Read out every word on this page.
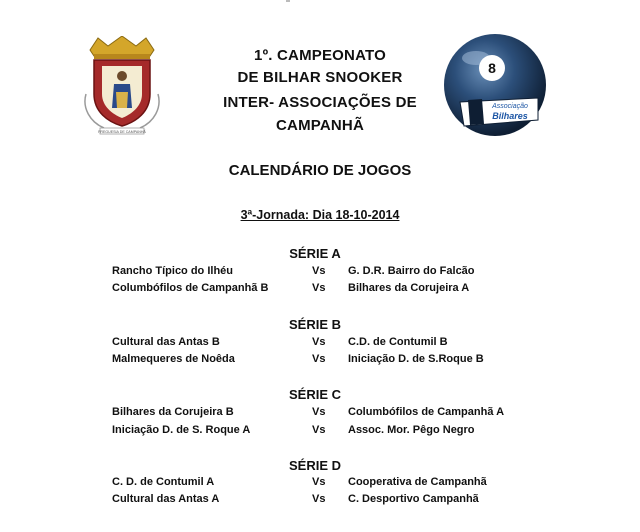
FREGUESIA DE CAMPANHÃ
8
Associação
Bilhares
1º. CAMPEONATO
DE BILHAR SNOOKER
INTER- ASSOCIAÇÕES DE
CAMPANHÃ
CALENDÁRIO DE JOGOS
3ª-Jornada: Dia 18-10-2014
SÉRIE A
Rancho Típico do Ilhéu	Vs G. D.R. Bairro do Falcão
Columbófilos de Campanhã B	Vs Bilhares da Corujeira A
SÉRIE B
Cultural das Antas B	Vs C.D. de Contumil B
Malmequeres de Noêda	Vs Iniciação D. de S.Roque B
SÉRIE C
Bilhares da Corujeira B	Vs Columbófilos de Campanhã A
Iniciação D. de S. Roque A	Vs Assoc. Mor. Pêgo Negro
SÉRIE D
C. D. de Contumil A	Vs Cooperativa de Campanhã
Cultural das Antas A	Vs C. Desportivo Campanhã
